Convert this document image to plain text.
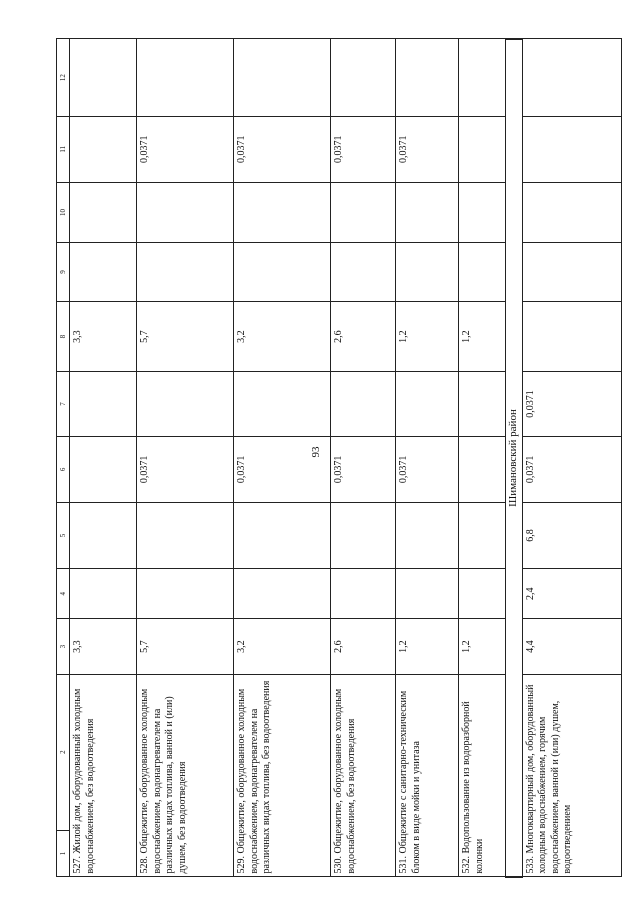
93
1	2	3	4	5	6	7	8	9	10	11	12
527.Жилой дом, оборудованный холодным водоснабжением, без водоотведения		3,3					3,3				
528.Общежитие, оборудованное холодным водоснабжением, водонагревателем на различных видах топлива, ванной и (или) душем, без водоотведения		5,7			0,0371		5,7			0,0371	
529.Общежитие, оборудованное холодным водоснабжением, водонагревателем на различных видах топлива, без водоотведения		3,2			0,0371		3,2			0,0371	
530.Общежитие, оборудованное холодным водоснабжением, без водоотведения		2,6			0,0371		2,6			0,0371	
531.Общежитие с санитарно-техническим блоком в виде мойки и унитаза		1,2			0,0371		1,2			0,0371	
532.Водопользование из водоразборной колонки		1,2					1,2				
Шимановский район											
533.Многоквартирный дом, оборудованный холодным водоснабжением, горячим водоснабжением, ванной и (или) душем, водоотведением		4,4	2,4	6,8	0,0371	0,0371					
